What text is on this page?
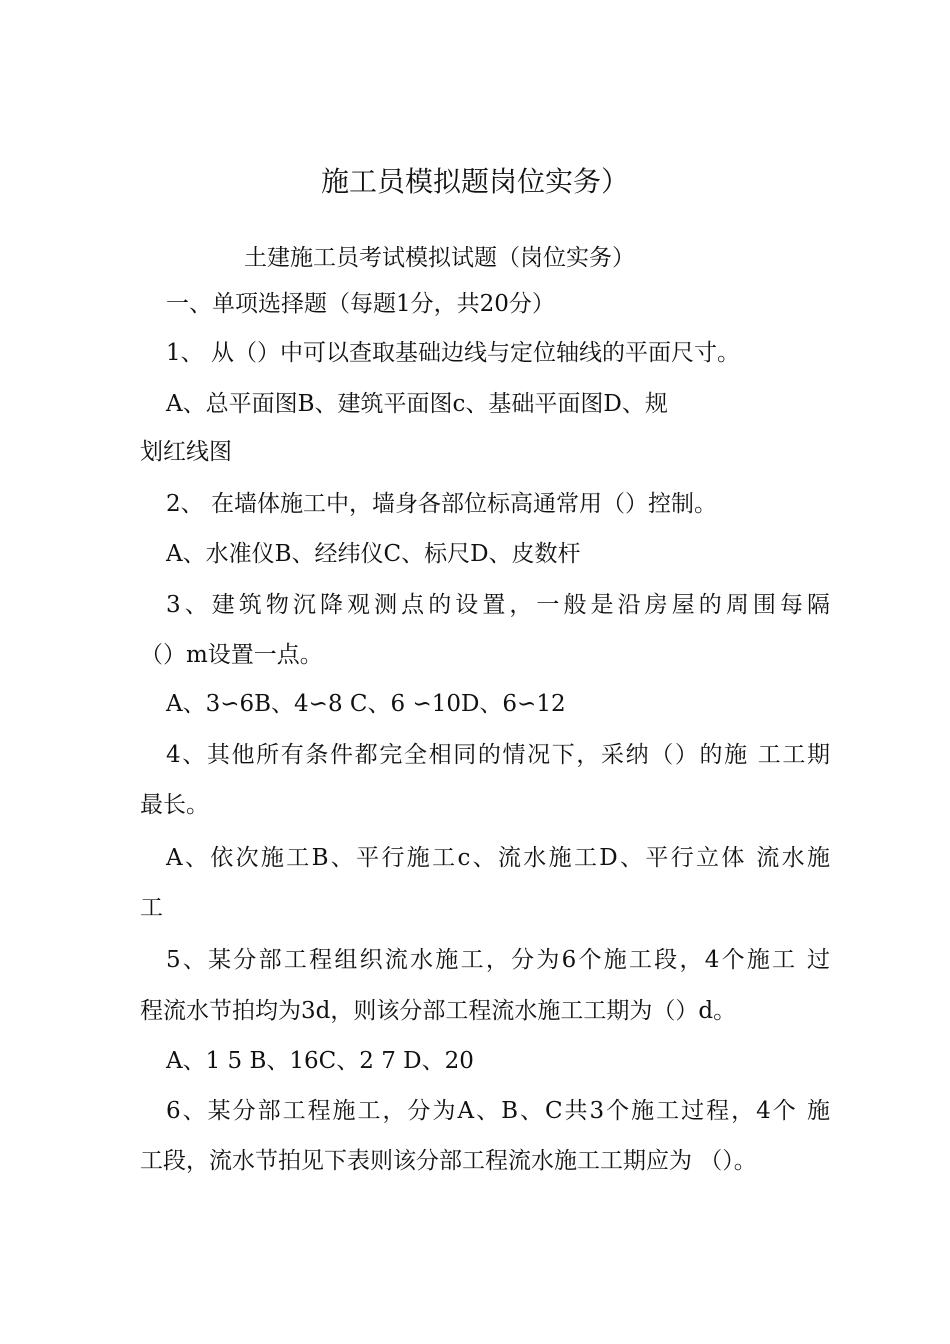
施工员模拟题岗位实务）
土建施工员考试模拟试题（岗位实务）
一、单项选择题（每题1分，共20分）
1、 从（）中可以查取基础边线与定位轴线的平面尺寸。
A、总平面图B、建筑平面图c、基础平面图D、规
划红线图
2、 在墙体施工中，墙身各部位标高通常用（）控制。
A、水准仪B、经纬仪C、标尺D、皮数杆
3、建筑物沉降观测点的设置，一般是沿房屋的周围每隔
（）m设置一点。
A、3∽6B、4∽8 C、6 ∽10D、6∽12
4、其他所有条件都完全相同的情况下，采纳（）的施 工工期
最长。
A、依次施工B、平行施工c、流水施工D、平行立体 流水施
工
5、某分部工程组织流水施工，分为6个施工段，4个施工 过
程流水节拍均为3d，则该分部工程流水施工工期为（）d。
A、1 5 B、16C、2 7 D、20
6、某分部工程施工，分为A、B、C共3个施工过程，4个 施
工段，流水节拍见下表则该分部工程流水施工工期应为 （）。
